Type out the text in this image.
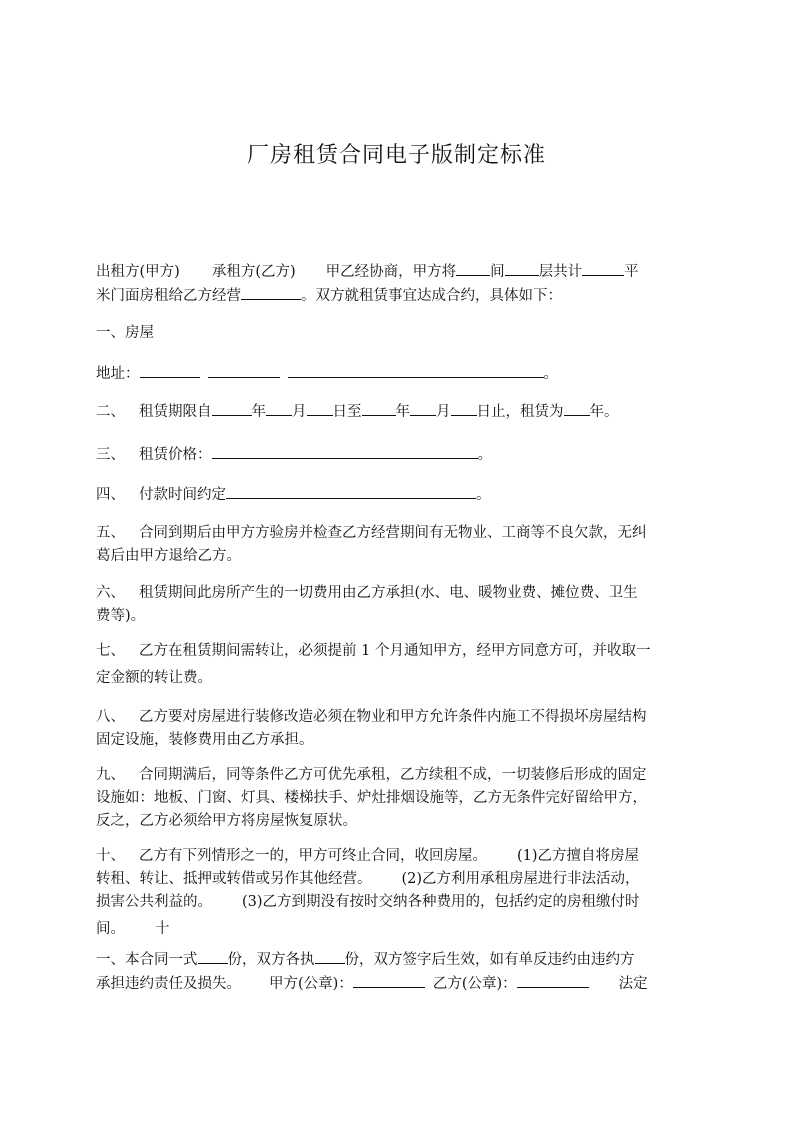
厂房租赁合同电子版制定标准
出租方(甲方) 承租方(乙方) 甲乙经协商，甲方将 间 层共计	平
米门面房租给乙方经营	。双方就租赁事宜达成合约，具体如下：
一、房屋
地址：	。
二、 租赁期限自	年 月 日至 年 月 日止，租赁为 年。
三、 租赁价格：	。
四、 付款时间约定	。
五、 合同到期后由甲方方验房并检查乙方经营期间有无物业、工商等不良欠款，无纠
葛后由甲方退给乙方。
六、 租赁期间此房所产生的一切费用由乙方承担(水、电、暖物业费、摊位费、卫生
费等)。
七、 乙方在租赁期间需转让，必须提前 1 个月通知甲方，经甲方同意方可，并收取一
定金额的转让费。
八、 乙方要对房屋进行装修改造必须在物业和甲方允许条件内施工不得损坏房屋结构
固定设施，装修费用由乙方承担。
九、 合同期满后，同等条件乙方可优先承租，乙方续租不成，一切装修后形成的固定
设施如：地板、门窗、灯具、楼梯扶手、炉灶排烟设施等，乙方无条件完好留给甲方，
反之，乙方必须给甲方将房屋恢复原状。
十、 乙方有下列情形之一的，甲方可终止合同，收回房屋。 (1)乙方擅自将房屋
转租、转让、抵押或转借或另作其他经营。 (2)乙方利用承租房屋进行非法活动，
损害公共利益的。 (3)乙方到期没有按时交纳各种费用的，包括约定的房租缴付时
间。 十
一、本合同一式 份，双方各执 份，双方签字后生效，如有单反违约由违约方
承担违约责任及损失。 甲方(公章)：	乙方(公章)：	法定
